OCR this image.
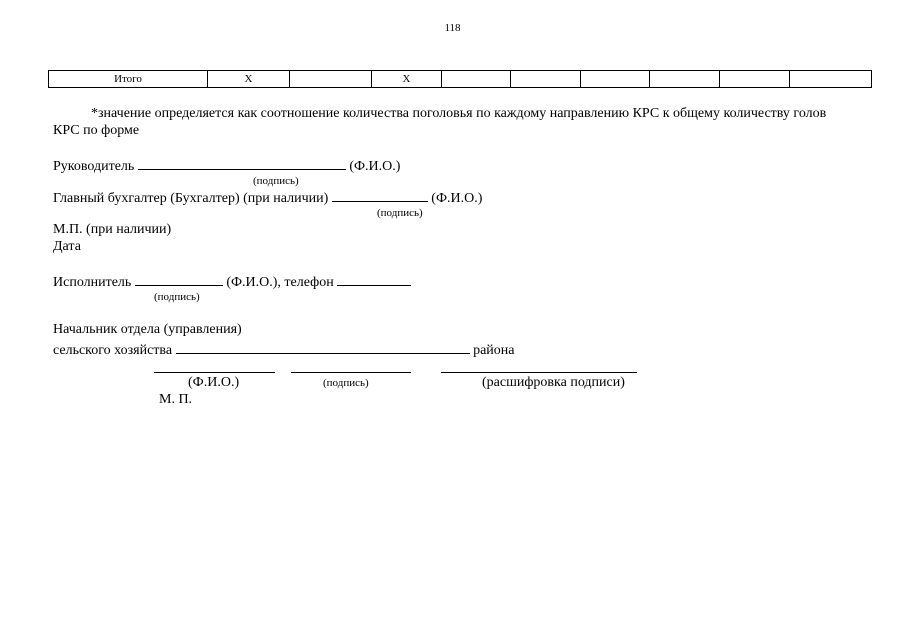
118
Итого	Х		Х						
*значение определяется как соотношение количества поголовья по каждому направлению КРС к общему количеству голов КРС по форме
Руководитель	(Ф.И.О.)
(подпись)
Главный бухгалтер (Бухгалтер) (при наличии)	(Ф.И.О.)
(подпись)
М.П. (при наличии)
Дата
Исполнитель	(Ф.И.О.), телефон
(подпись)
Начальник отдела (управления)
сельского хозяйства	района
(Ф.И.О.)	(подпись)	(расшифровка подписи)
М. П.
